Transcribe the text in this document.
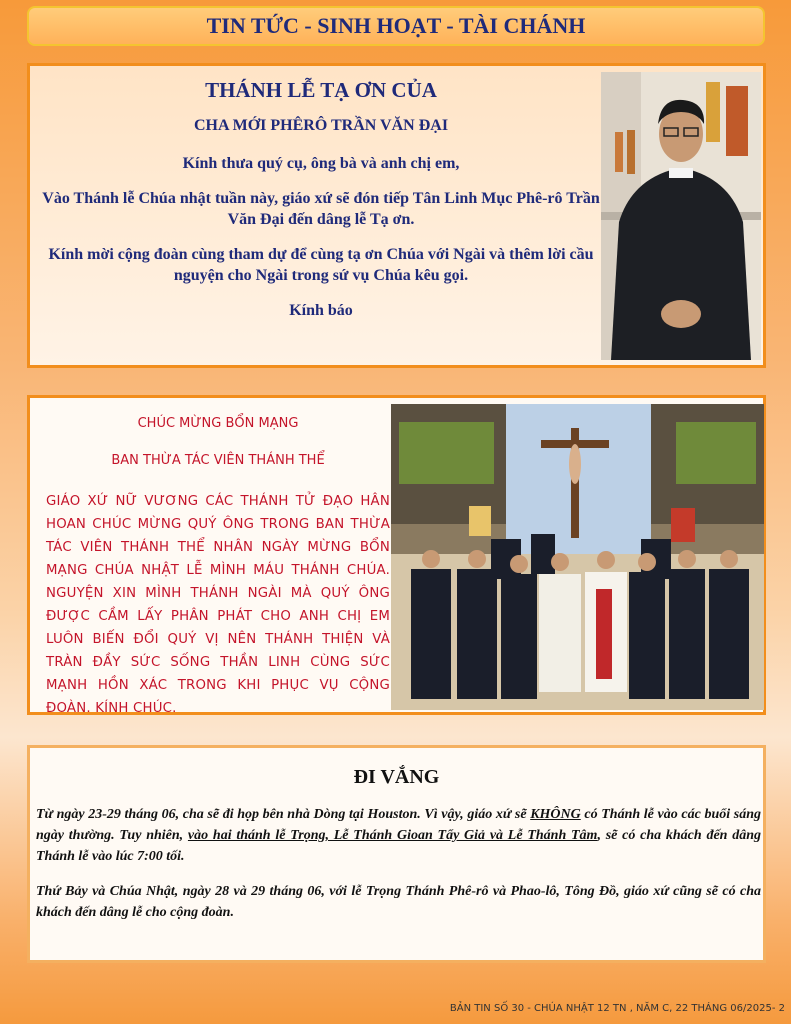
TIN TỨC - SINH HOẠT - TÀI CHÁNH
THÁNH LỄ TẠ ƠN CỦA
CHA MỚI PHÊRÔ TRẦN VĂN ĐẠI
Kính thưa quý cụ, ông bà và anh chị em,
Vào Thánh lễ Chúa nhật tuần này, giáo xứ sẽ đón tiếp Tân Linh Mục Phê-rô Trần Văn Đại đến dâng lễ Tạ ơn.
Kính mời cộng đoàn cùng tham dự để cùng tạ ơn Chúa với Ngài và thêm lời cầu nguyện cho Ngài trong sứ vụ Chúa kêu gọi.
Kính báo
CHÚC MỪNG BỔN MẠNG
BAN THỪA TÁC VIÊN THÁNH THỂ
GIÁO XỨ NỮ VƯƠNG CÁC THÁNH TỬ ĐẠO HÂN HOAN CHÚC MỪNG QUÝ ÔNG TRONG BAN THỪA TÁC VIÊN THÁNH THỂ NHÂN NGÀY MỪNG BỔN MẠNG CHÚA NHẬT LỄ MÌNH MÁU THÁNH CHÚA. NGUYỆN XIN MÌNH THÁNH NGÀI MÀ QUÝ ÔNG ĐƯỢC CẦM LẤY PHÂN PHÁT CHO ANH CHỊ EM LUÔN BIẾN ĐỔI QUÝ VỊ NÊN THÁNH THIỆN VÀ TRÀN ĐẦY SỨC SỐNG THẦN LINH CÙNG SỨC MẠNH HỒN XÁC TRONG KHI PHỤC VỤ CỘNG ĐOÀN. KÍNH CHÚC.
ĐI VẮNG
Từ ngày 23-29 tháng 06, cha sẽ đi họp bên nhà Dòng tại Houston. Vì vậy, giáo xứ sẽ KHÔNG có Thánh lễ vào các buổi sáng ngày thường. Tuy nhiên, vào hai thánh lễ Trọng, Lễ Thánh Gioan Tẩy Giả và Lễ Thánh Tâm, sẽ có cha khách đến dâng Thánh lễ vào lúc 7:00 tối.
Thứ Bảy và Chúa Nhật, ngày 28 và 29 tháng 06, với lễ Trọng Thánh Phê-rô và Phao-lô, Tông Đồ, giáo xứ cũng sẽ có cha khách đến dâng lễ cho cộng đoàn.
BẢN TIN SỐ 30 - CHÚA NHẬT 12 TN , NĂM C, 22 THÁNG 06/2025- 2
